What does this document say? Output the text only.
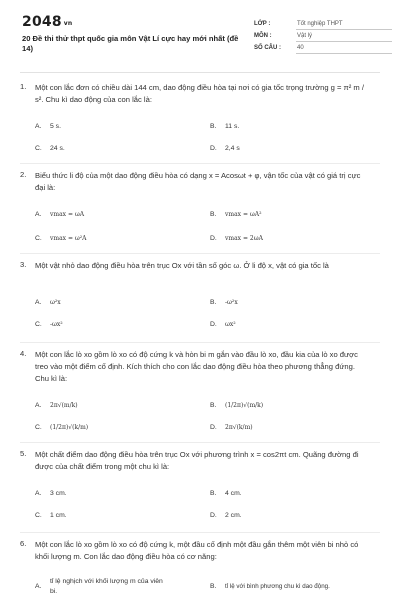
2048 vn
20 Đề thi thử thpt quốc gia môn Vật Lí cực hay mới nhất (đề 14)
LỚP :	Tốt nghiệp THPT
MÔN :	Vật lý
SỐ CÂU :	40
1. Một con lắc đơn có chiều dài 144 cm, dao động điều hòa tại nơi có gia tốc trọng trường g = π² m / s². Chu kì dao động của con lắc là:
A. 5 s.	B. 11 s.
C. 24 s.	D. 2,4 s
2. Biểu thức li độ của một dao động điều hòa có dạng x = Acosωt + φ, vận tốc của vật có giá trị cực đại là:
A. vmax = ωA	B. vmax = ωA²
C. vmax = ω²A	D. vmax = 2ωA
3. Một vật nhỏ dao động điều hòa trên trục Ox với tần số góc ω. Ở li độ x, vật có gia tốc là
A. ω²x	B. -ω²x
C. -ωx²	D. ωx²
4. Một con lắc lò xo gồm lò xo có độ cứng k và hòn bi m gắn vào đầu lò xo, đầu kia của lò xo được treo vào một điểm cố định. Kích thích cho con lắc dao động điều hòa theo phương thẳng đứng. Chu kì là:
A. 2π√(m/k)	B. (1/2π)√(m/k)
C. (1/2π)√(k/m)	D. 2π√(k/m)
5. Một chất điểm dao động điều hòa trên trục Ox với phương trình x = cos2πt cm. Quãng đường đi được của chất điểm trong một chu kì là:
A. 3 cm.	B. 4 cm.
C. 1 cm.	D. 2 cm.
6. Một con lắc lò xo gồm lò xo có độ cứng k, một đầu cố định một đầu gắn thêm một viên bi nhỏ có khối lượng m. Con lắc dao động điều hòa có cơ năng:
A.
tỉ lệ nghịch với khối lượng m của viên bi.
B. tỉ lệ với bình phương chu kì dao động.
